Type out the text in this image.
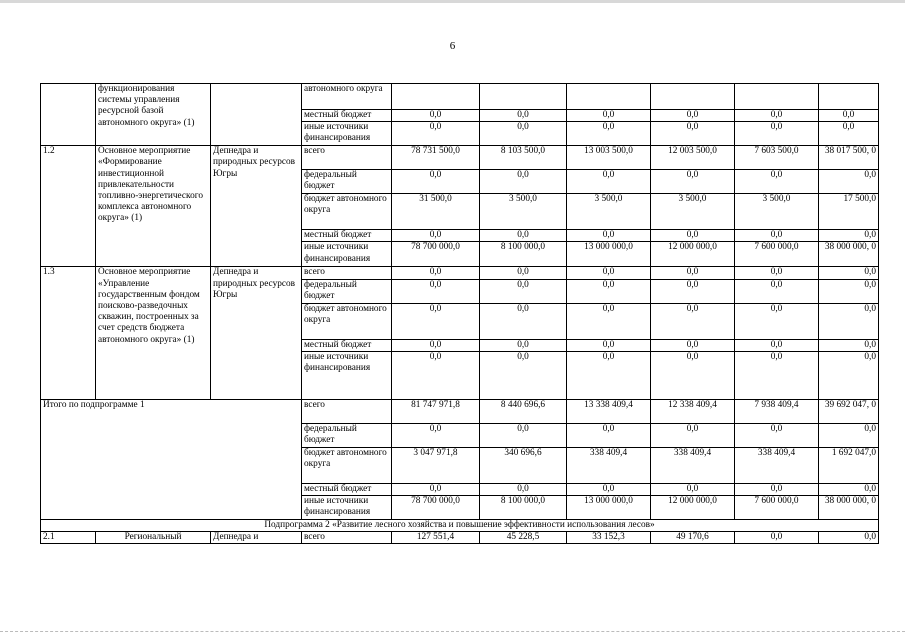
6
	функционирования системы управления ресурсной базой автономного округа» (1)		автономного округа						
			местный бюджет	0,0	0,0	0,0	0,0	0,0	0,0
			иные источники финансирования	0,0	0,0	0,0	0,0	0,0	0,0
1.2	Основное мероприятие «Формирование инвестиционной привлекательности топливно-энергетического комплекса автономного округа» (1)	Депнедра и природных ресурсов Югры	всего	78 731 500,0	8 103 500,0	13 003 500,0	12 003 500,0	7 603 500,0	38 017 500, 0
			федеральный бюджет	0,0	0,0	0,0	0,0	0,0	0,0
			бюджет автономного округа	31 500,0	3 500,0	3 500,0	3 500,0	3 500,0	17 500,0
			местный бюджет	0,0	0,0	0,0	0,0	0,0	0,0
			иные источники финансирования	78 700 000,0	8 100 000,0	13 000 000,0	12 000 000,0	7 600 000,0	38 000 000, 0
1.3	Основное мероприятие «Управление государственным фондом поисково-разведочных скважин, построенных за счет средств бюджета автономного округа» (1)	Депнедра и природных ресурсов Югры	всего	0,0	0,0	0,0	0,0	0,0	0,0
			федеральный бюджет	0,0	0,0	0,0	0,0	0,0	0,0
			бюджет автономного округа	0,0	0,0	0,0	0,0	0,0	0,0
			местный бюджет	0,0	0,0	0,0	0,0	0,0	0,0
			иные источники финансирования	0,0	0,0	0,0	0,0	0,0	0,0
Итого по подпрограмме 1			всего	81 747 971,8	8 440 696,6	13 338 409,4	12 338 409,4	7 938 409,4	39 692 047, 0
			федеральный бюджет	0,0	0,0	0,0	0,0	0,0	0,0
			бюджет автономного округа	3 047 971,8	340 696,6	338 409,4	338 409,4	338 409,4	1 692 047,0
			местный бюджет	0,0	0,0	0,0	0,0	0,0	0,0
			иные источники финансирования	78 700 000,0	8 100 000,0	13 000 000,0	12 000 000,0	7 600 000,0	38 000 000, 0
Подпрограмма 2 «Развитие лесного хозяйства и повышение эффективности использования лесов»									
2.1	Региональный	Депнедра и	всего	127 551,4	45 228,5	33 152,3	49 170,6	0,0	0,0
